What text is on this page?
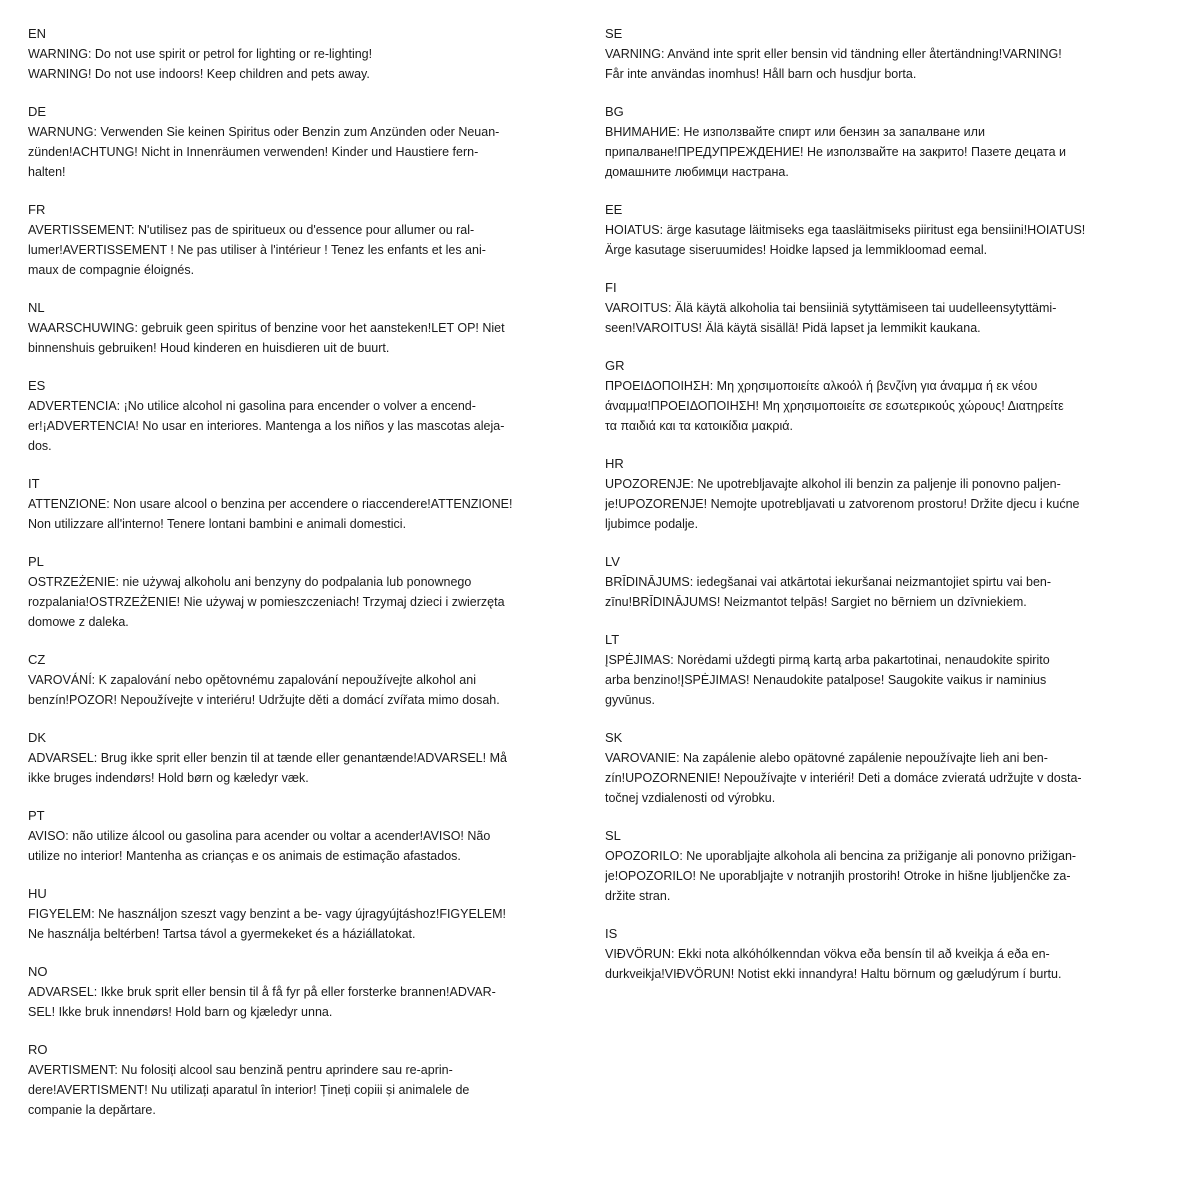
EN
WARNING: Do not use spirit or petrol for lighting or re-lighting!
WARNING! Do not use indoors! Keep children and pets away.
DE
WARNUNG: Verwenden Sie keinen Spiritus oder Benzin zum Anzünden oder Neuan-
zünden!ACHTUNG! Nicht in Innenräumen verwenden! Kinder und Haustiere fern-
halten!
FR
AVERTISSEMENT: N'utilisez pas de spiritueux ou d'essence pour allumer ou ral-
lumer!AVERTISSEMENT ! Ne pas utiliser à l'intérieur ! Tenez les enfants et les ani-
maux de compagnie éloignés.
NL
WAARSCHUWING: gebruik geen spiritus of benzine voor het aansteken!LET OP! Niet
binnenshuis gebruiken! Houd kinderen en huisdieren uit de buurt.
ES
ADVERTENCIA: ¡No utilice alcohol ni gasolina para encender o volver a encend-
er!¡ADVERTENCIA! No usar en interiores. Mantenga a los niños y las mascotas aleja-
dos.
IT
ATTENZIONE: Non usare alcool o benzina per accendere o riaccendere!ATTENZIONE!
Non utilizzare all'interno! Tenere lontani bambini e animali domestici.
PL
OSTRZEŻENIE: nie używaj alkoholu ani benzyny do podpalania lub ponownego
rozpalania!OSTRZEŻENIE! Nie używaj w pomieszczeniach! Trzymaj dzieci i zwierzęta
domowe z daleka.
CZ
VAROVÁNÍ: K zapalování nebo opětovnému zapalování nepoužívejte alkohol ani
benzín!POZOR! Nepoužívejte v interiéru! Udržujte děti a domácí zvířata mimo dosah.
DK
ADVARSEL: Brug ikke sprit eller benzin til at tænde eller genantænde!ADVARSEL! Må
ikke bruges indendørs! Hold børn og kæledyr væk.
PT
AVISO: não utilize álcool ou gasolina para acender ou voltar a acender!AVISO! Não
utilize no interior! Mantenha as crianças e os animais de estimação afastados.
HU
FIGYELEM: Ne használjon szeszt vagy benzint a be- vagy újragyújtáshoz!FIGYELEM!
Ne használja beltérben! Tartsa távol a gyermekeket és a háziállatokat.
NO
ADVARSEL: Ikke bruk sprit eller bensin til å få fyr på eller forsterke brannen!ADVAR-
SEL! Ikke bruk innendørs! Hold barn og kjæledyr unna.
RO
AVERTISMENT: Nu folosiți alcool sau benzină pentru aprindere sau re-aprin-
dere!AVERTISMENT! Nu utilizați aparatul în interior! Țineți copiii și animalele de
companie la depărtare.
SE
VARNING: Använd inte sprit eller bensin vid tändning eller återtändning!VARNING!
Får inte användas inomhus! Håll barn och husdjur borta.
BG
ВНИМАНИЕ: Не използвайте спирт или бензин за запалване или
припалване!ПРЕДУПРЕЖДЕНИЕ! Не използвайте на закрито! Пазете децата и
домашните любимци настрана.
EE
HOIATUS: ärge kasutage läitmiseks ega taasläitmiseks piiritust ega bensiini!HOIATUS!
Ärge kasutage siseruumides! Hoidke lapsed ja lemmikloomad eemal.
FI
VAROITUS: Älä käytä alkoholia tai bensiiniä sytyttämiseen tai uudelleensytyttämi-
seen!VAROITUS! Älä käytä sisällä! Pidä lapset ja lemmikit kaukana.
GR
ΠΡΟΕΙΔΟΠΟΙΗΣΗ: Μη χρησιμοποιείτε αλκοόλ ή βενζίνη για άναμμα ή εκ νέου
άναμμα!ΠΡΟΕΙΔΟΠΟΙΗΣΗ! Μη χρησιμοποιείτε σε εσωτερικούς χώρους! Διατηρείτε
τα παιδιά και τα κατοικίδια μακριά.
HR
UPOZORENJE: Ne upotrebljavajte alkohol ili benzin za paljenje ili ponovno paljen-
je!UPOZORENJE! Nemojte upotrebljavati u zatvorenom prostoru! Držite djecu i kućne
ljubimce podalje.
LV
BRĪDINĀJUMS: iedegšanai vai atkārtotai iekuršanai neizmantojiet spirtu vai ben-
zīnu!BRĪDINĀJUMS! Neizmantot telpās! Sargiet no bērniem un dzīvniekiem.
LT
ĮSPĖJIMAS: Norėdami uždegti pirmą kartą arba pakartotinai, nenaudokite spirito
arba benzino!ĮSPĖJIMAS! Nenaudokite patalpose! Saugokite vaikus ir naminius
gyvūnus.
SK
VAROVANIE: Na zapálenie alebo opätovné zapálenie nepoužívajte lieh ani ben-
zín!UPOZORNENIE! Nepoužívajte v interiéri! Deti a domáce zvieratá udržujte v dosta-
točnej vzdialenosti od výrobku.
SL
OPOZORILO: Ne uporabljajte alkohola ali bencina za prižiganje ali ponovno prižigan-
je!OPOZORILO! Ne uporabljajte v notranjih prostorih! Otroke in hišne ljubljenčke za-
držite stran.
IS
VIÐVÖRUN: Ekki nota alkóhólkenndan vökva eða bensín til að kveikja á eða en-
durkveikja!VIÐVÖRUN! Notist ekki innandyra! Haltu börnum og gæludýrum í burtu.
